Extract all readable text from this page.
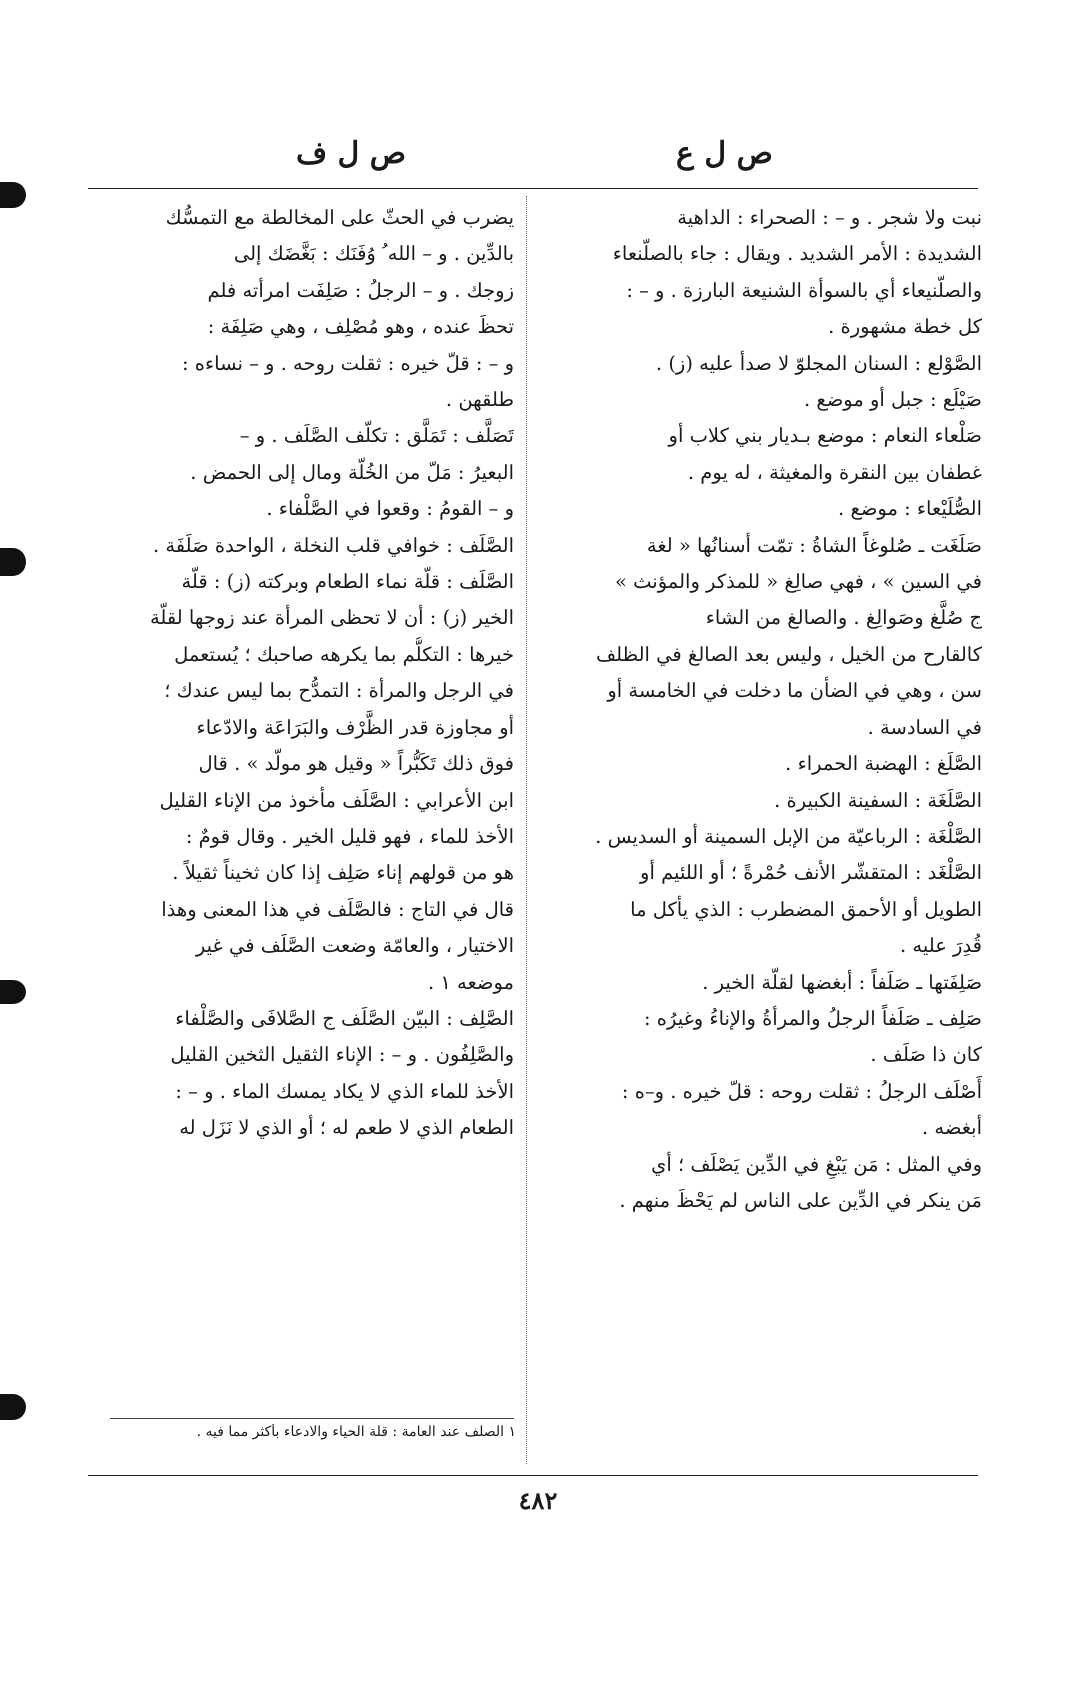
ص ل ع
ص ل ف
نبت ولا شجر . و – : الصحراء : الداهية
الشديدة : الأمر الشديد . ويقال : جاء بالصلّنعاء
والصلّنيعاء أي بالسوأة الشنيعة البارزة . و – :
كل خطة مشهورة .
الصَّوْلع : السنان المجلوّ لا صدأ عليه (ز) .
صَيْلَع : جبل أو موضع .
صَلْعاء النعام : موضع بـديار بني كلاب أو
غطفان بين النقرة والمغيثة ، له يوم .
الصُّلَيْعاء : موضع .
صَلَغَت ـ صُلوغاً الشاةُ : تمّت أسنانُها « لغة
في السين » ، فهي صالِغ « للمذكر والمؤنث »
ج صُلَّغ وصَوالِغ . والصالغ من الشاء
كالقارح من الخيل ، وليس بعد الصالغ في الظلف
سن ، وهي في الضأن ما دخلت في الخامسة أو
في السادسة .
الصَّلَغ : الهضبة الحمراء .
الصَّلَغَة : السفينة الكبيرة .
الصَّلْغَة : الرباعيّة من الإبل السمينة أو السديس .
الصَّلْغَد : المتقشّر الأنف حُمْرةً ؛ أو اللئيم أو
الطويل أو الأحمق المضطرب : الذي يأكل ما
قُدِرَ عليه .
صَلِفَتها ـ صَلَفاً : أبغضها لقلّة الخير .
صَلِف ـ صَلَفاً الرجلُ والمرأةُ والإناءُ وغيرُه :
كان ذا صَلَف .
أَصْلَف الرجلُ : ثقلت روحه : قلّ خيره . و–ه :
أبغضه .
وفي المثل : مَن يَبْغِ في الدِّين يَصْلَف ؛ أي
مَن ينكر في الدِّين على الناس لم يَحْظَ منهم .
يضرب في الحثّ على المخالطة مع التمسُّك
بالدِّين . و – الله ُ وُفَنَك : بَغَّضَك إلى
زوجك . و – الرجلُ : صَلِفَت امرأته فلم
تحظَ عنده ، وهو مُصْلِف ، وهي صَلِفَة :
و – : قلّ خيره : ثقلت روحه . و – نساءه :
طلقهن .
تَصَلَّف : تَمَلَّق : تكلّف الصَّلَف . و –
البعيرُ : مَلّ من الخُلّة ومال إلى الحمض .
و – القومُ : وقعوا في الصَّلْفاء .
الصَّلَف : خوافي قلب النخلة ، الواحدة صَلَفَة .
الصَّلَف : قلّة نماء الطعام وبركته (ز) : قلّة
الخير (ز) : أن لا تحظى المرأة عند زوجها لقلّة
خيرها : التكلُّم بما يكرهه صاحبك ؛ يُستعمل
في الرجل والمرأة : التمدُّح بما ليس عندك ؛
أو مجاوزة قدر الظَّرْف والبَرَاعَة والادّعاء
فوق ذلك تَكَبُّراً « وقيل هو مولّد » . قال
ابن الأعرابي : الصَّلَف مأخوذ من الإناء القليل
الأخذ للماء ، فهو قليل الخير . وقال قومٌ :
هو من قولهم إناء صَلِف إذا كان ثخيناً ثقيلاً .
قال في التاج : فالصَّلَف في هذا المعنى وهذا
الاختيار ، والعامّة وضعت الصَّلَف في غير
موضعه ١ .
الصَّلِف : البيّن الصَّلَف ج الصَّلافَى والصَّلْفاء
والصَّلِفُون . و – : الإناء الثقيل الثخين القليل
الأخذ للماء الذي لا يكاد يمسك الماء . و – :
الطعام الذي لا طعم له ؛ أو الذي لا نَزَل له
١ الصلف عند العامة : قلة الحياء والادعاء بأكثر مما فيه .
٤٨٢
